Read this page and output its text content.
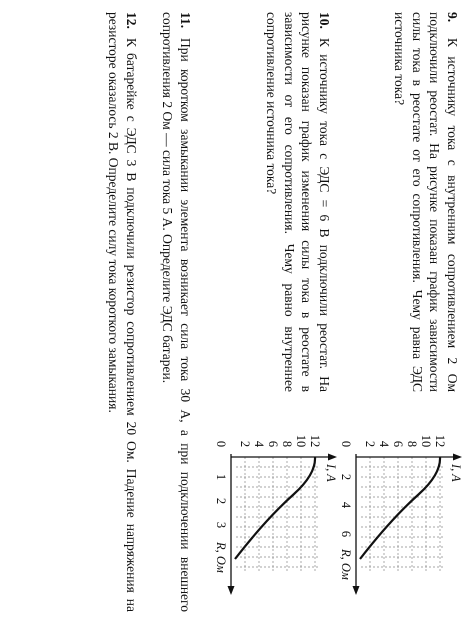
9.К источнику тока с внутренним сопротивлением 2 Ом подключили реостат. На рисунке показан график зависимости силы тока в реостате от его сопротивления. Чему равна ЭДС источника тока?
I, A
2 4 6 8 10 12
0
2
4
6
R, Ом
10.К источнику тока с ЭДС = 6 В подключили реостат. На рисунке показан график изменения силы тока в реостате в зависимости от его сопротивления. Чему равно внутреннее сопротивление источника тока?
I, A
2 4 6 8 10 12
0
1
2
3
R, Ом
11.При коротком замыкании элемента возникает сила тока 30 А, а при подключении внешнего сопротивления 2 Ом — сила тока 5 А. Определите ЭДС батареи.
12.К батарейке с ЭДС 3 В подключили резистор сопротивлением 20 Ом. Падение напряжения на резисторе оказалось 2 В. Определите силу тока короткого замыкания.
